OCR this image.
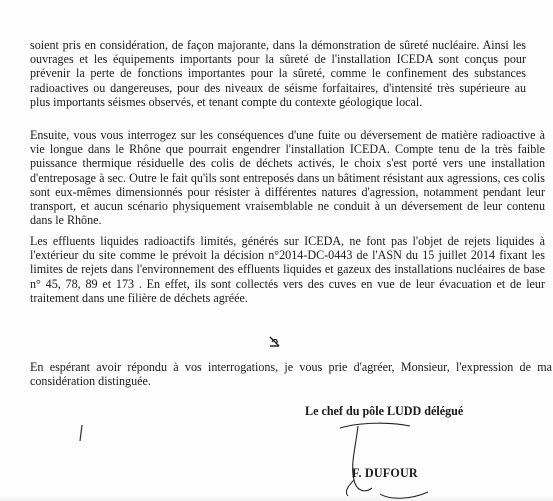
soient pris en considération, de façon majorante, dans la démonstration de sûreté nucléaire. Ainsi les ouvrages et les équipements importants pour la sûreté de l'installation ICEDA sont conçus pour prévenir la perte de fonctions importantes pour la sûreté, comme le confinement des substances radioactives ou dangereuses, pour des niveaux de séisme forfaitaires, d'intensité très supérieure au plus importants séismes observés, et tenant compte du contexte géologique local.

Ensuite, vous vous interrogez sur les conséquences d'une fuite ou déversement de matière radioactive à vie longue dans le Rhône que pourrait engendrer l'installation ICEDA. Compte tenu de la très faible puissance thermique résiduelle des colis de déchets activés, le choix s'est porté vers une installation d'entreposage à sec. Outre le fait qu'ils sont entreposés dans un bâtiment résistant aux agressions, ces colis sont eux-mêmes dimensionnés pour résister à différentes natures d'agression, notamment pendant leur transport, et aucun scénario physiquement vraisemblable ne conduit à un déversement de leur contenu dans le Rhône.

Les effluents liquides radioactifs limités, générés sur ICEDA, ne font pas l'objet de rejets liquides à l'extérieur du site comme le prévoit la décision n°2014-DC-0443 de l'ASN du 15 juillet 2014 fixant les limites de rejets dans l'environnement des effluents liquides et gazeux des installations nucléaires de base n° 45, 78, 89 et 173 . En effet, ils sont collectés vers des cuves en vue de leur évacuation et de leur traitement dans une filière de déchets agréée.

En espérant avoir répondu à vos interrogations, je vous prie d'agréer, Monsieur, l'expression de ma considération distinguée.

Le chef du pôle LUDD délégué
F. DUFOUR
